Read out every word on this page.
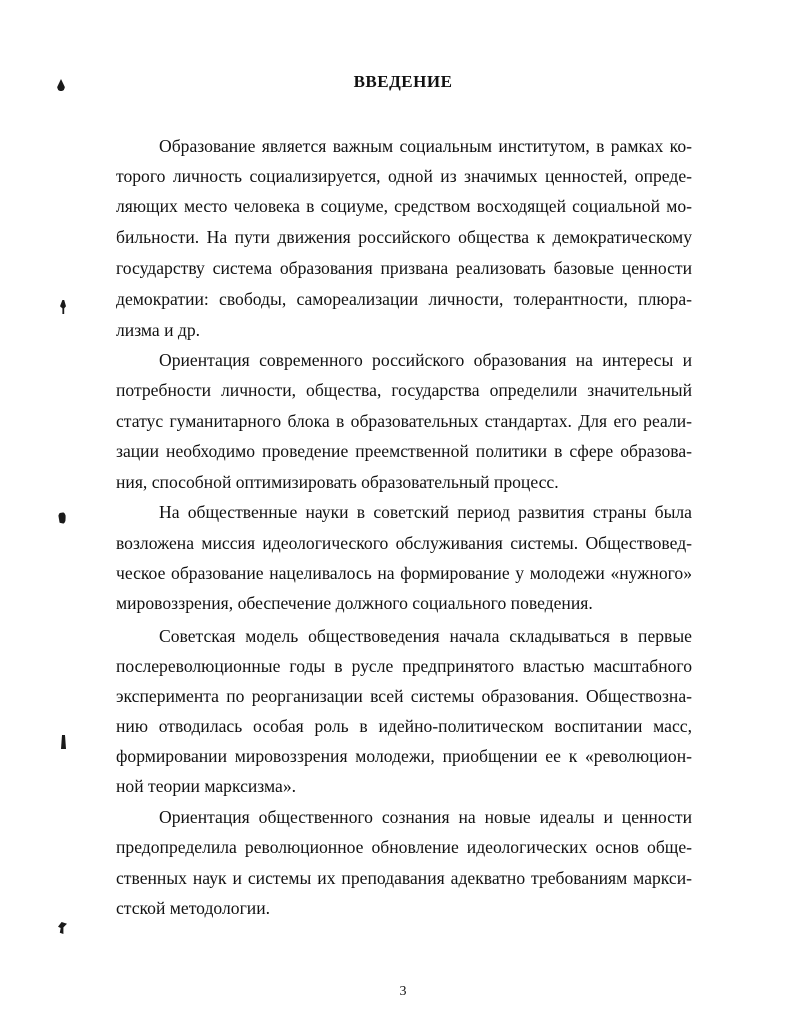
ВВЕДЕНИЕ
Образование является важным социальным институтом, в рамках ко-
торого личность социализируется, одной из значимых ценностей, опреде-
ляющих место человека в социуме, средством восходящей социальной мо-
бильности. На пути движения российского общества к демократическому
государству система образования призвана реализовать базовые ценности
демократии: свободы, самореализации личности, толерантности, плюра-
лизма и др.
Ориентация современного российского образования на интересы и
потребности личности, общества, государства определили значительный
статус гуманитарного блока в образовательных стандартах. Для его реали-
зации необходимо проведение преемственной политики в сфере образова-
ния, способной оптимизировать образовательный процесс.
На общественные науки в советский период развития страны была
возложена миссия идеологического обслуживания системы. Обществовед-
ческое образование нацеливалось на формирование у молодежи «нужного»
мировоззрения, обеспечение должного социального поведения.
Советская модель обществоведения начала складываться в первые
послереволюционные годы в русле предпринятого властью масштабного
эксперимента по реорганизации всей системы образования. Обществозна-
нию отводилась особая роль в идейно-политическом воспитании масс,
формировании мировоззрения молодежи, приобщении ее к «революцион-
ной теории марксизма».
Ориентация общественного сознания на новые идеалы и ценности
предопределила революционное обновление идеологических основ обще-
ственных наук и системы их преподавания адекватно требованиям маркси-
стской методологии.
3
